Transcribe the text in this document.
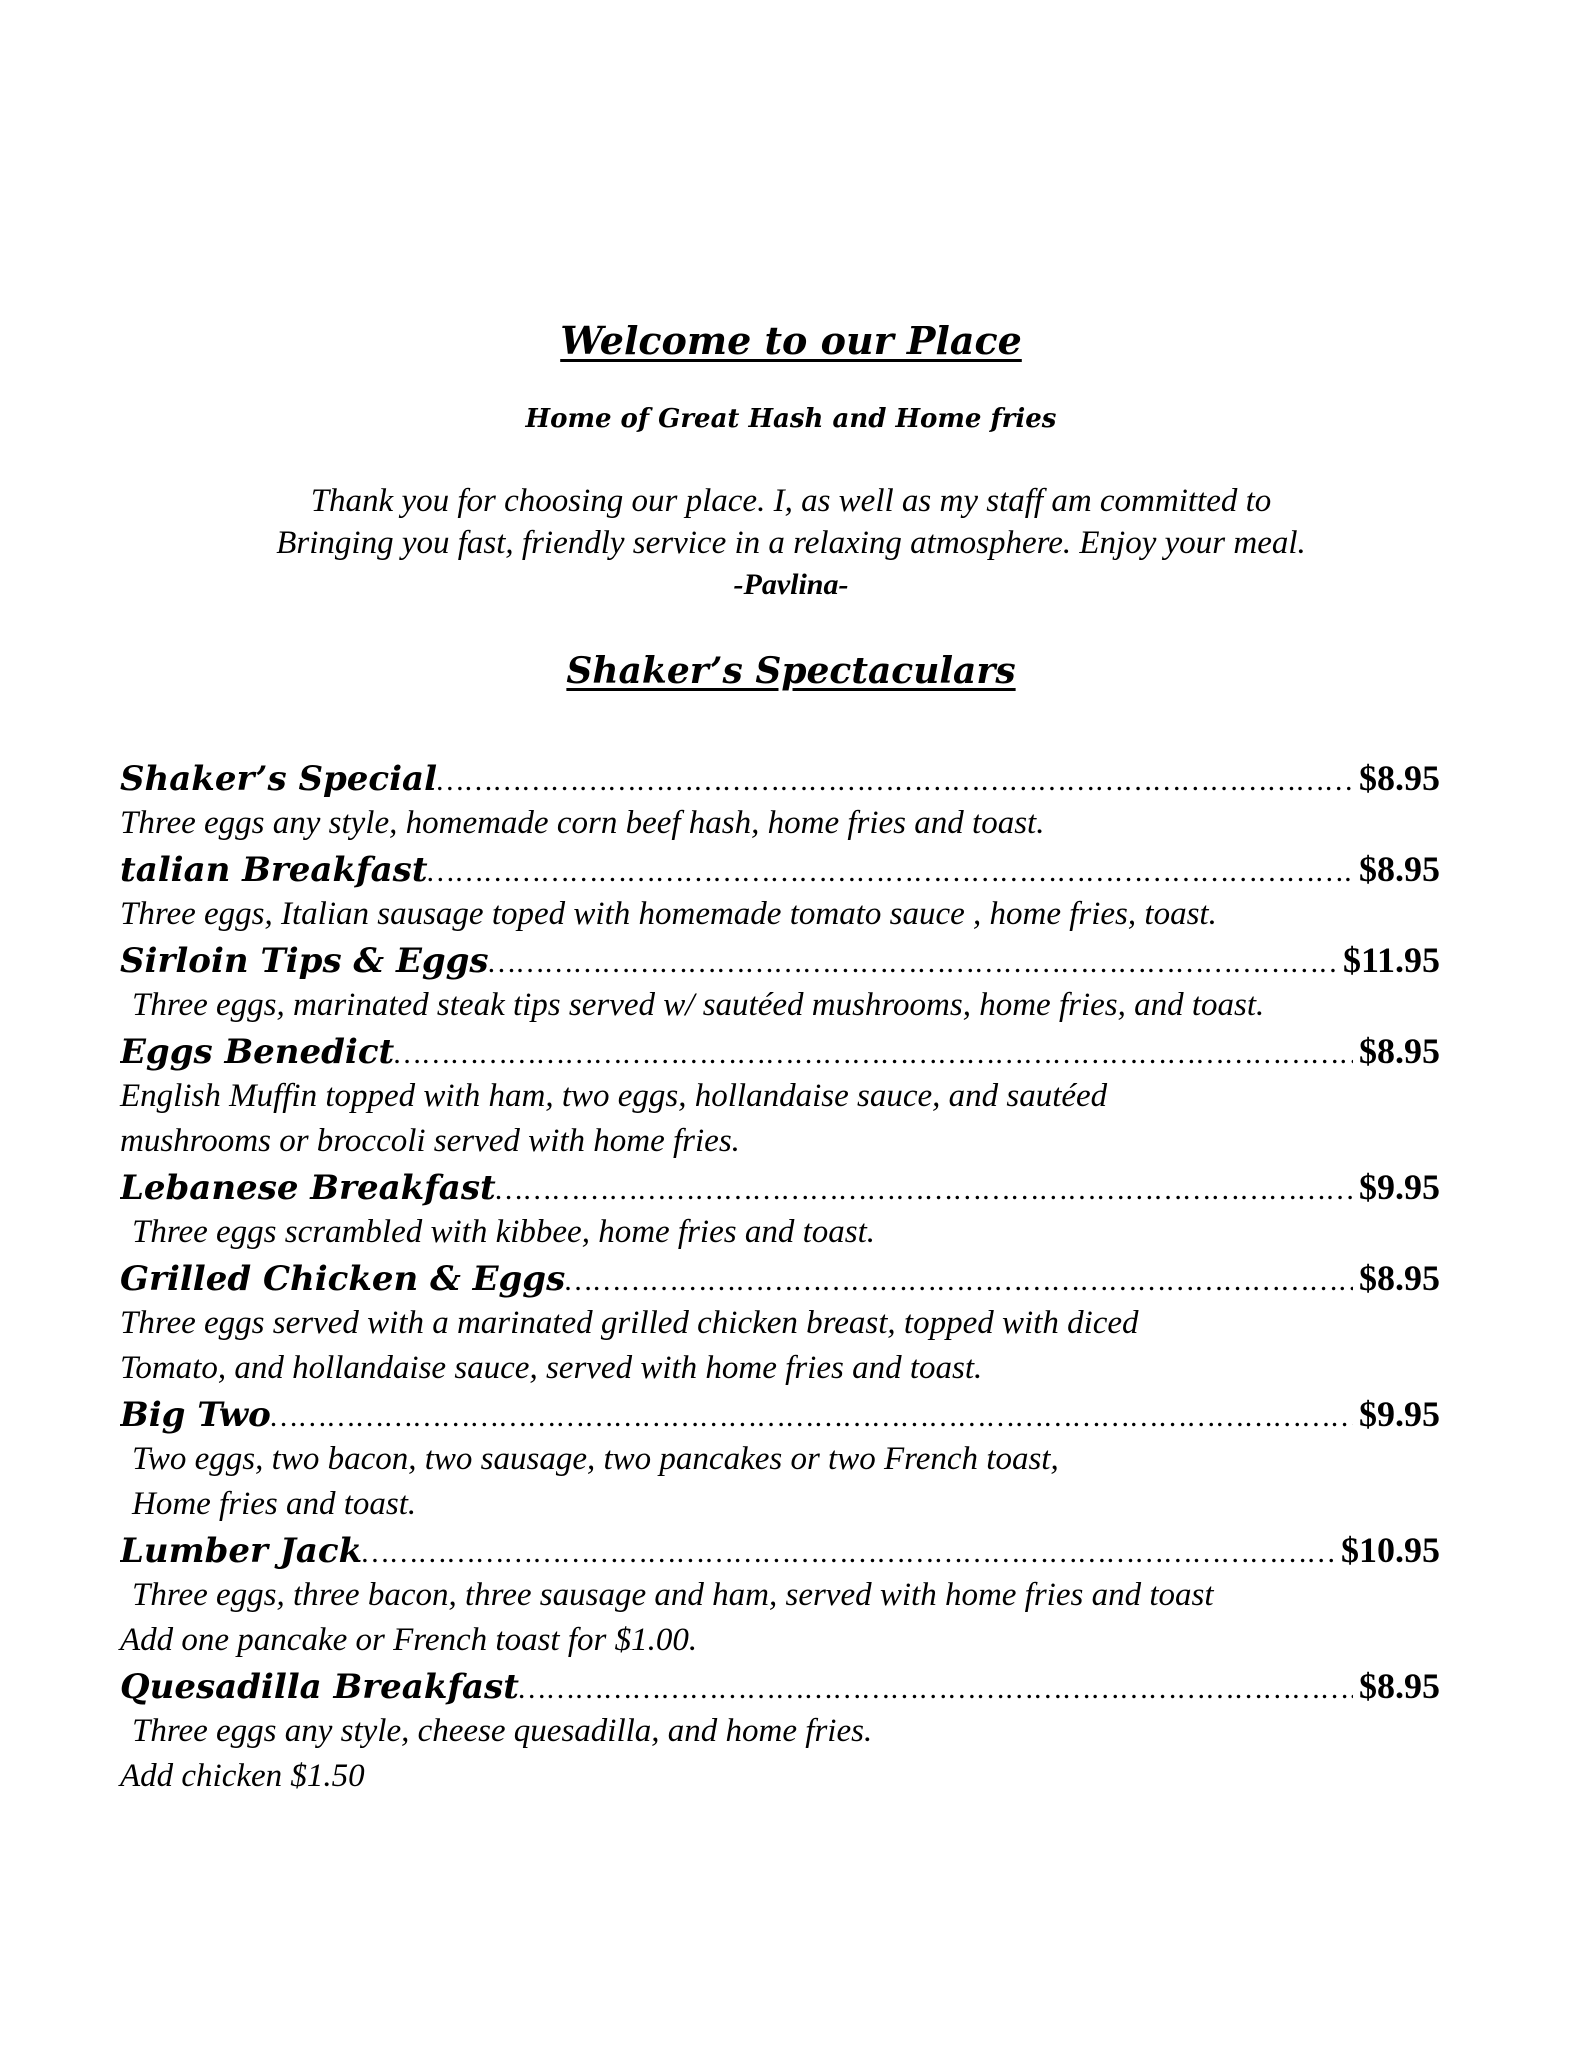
Welcome to our Place
Home of Great Hash and Home fries
Thank you for choosing our place. I, as well as my staff am committed to
Bringing you fast, friendly service in a relaxing atmosphere. Enjoy your meal.
-Pavlina-
Shaker’s Spectaculars
Shaker’s Special ………………………………………………………………………………………………………………………………………………………………………	$8.95
Three eggs any style, homemade corn beef hash, home fries and toast.
talian Breakfast ………………………………………………………………………………………………………………………………………………………………………	$8.95
Three eggs, Italian sausage toped with homemade tomato sauce , home fries, toast.
Sirloin Tips & Eggs ………………………………………………………………………………………………………………………………………………………………………	$11.95
Three eggs, marinated steak tips served w/ sautéed mushrooms, home fries, and toast.
Eggs Benedict ………………………………………………………………………………………………………………………………………………………………………	$8.95
English Muffin topped with ham, two eggs, hollandaise sauce, and sautéed
mushrooms or broccoli served with home fries.
Lebanese Breakfast ………………………………………………………………………………………………………………………………………………………………………	$9.95
Three eggs scrambled with kibbee, home fries and toast.
Grilled Chicken & Eggs ………………………………………………………………………………………………………………………………………………………………………	$8.95
Three eggs served with a marinated grilled chicken breast, topped with diced
Tomato, and hollandaise sauce, served with home fries and toast.
Big Two ………………………………………………………………………………………………………………………………………………………………………	$9.95
Two eggs, two bacon, two sausage, two pancakes or two French toast,
Home fries and toast.
Lumber Jack ………………………………………………………………………………………………………………………………………………………………………	$10.95
Three eggs, three bacon, three sausage and ham, served with home fries and toast
Add one pancake or French toast for $1.00.
Quesadilla Breakfast ………………………………………………………………………………………………………………………………………………………………………	$8.95
Three eggs any style, cheese quesadilla, and home fries.
Add chicken $1.50
